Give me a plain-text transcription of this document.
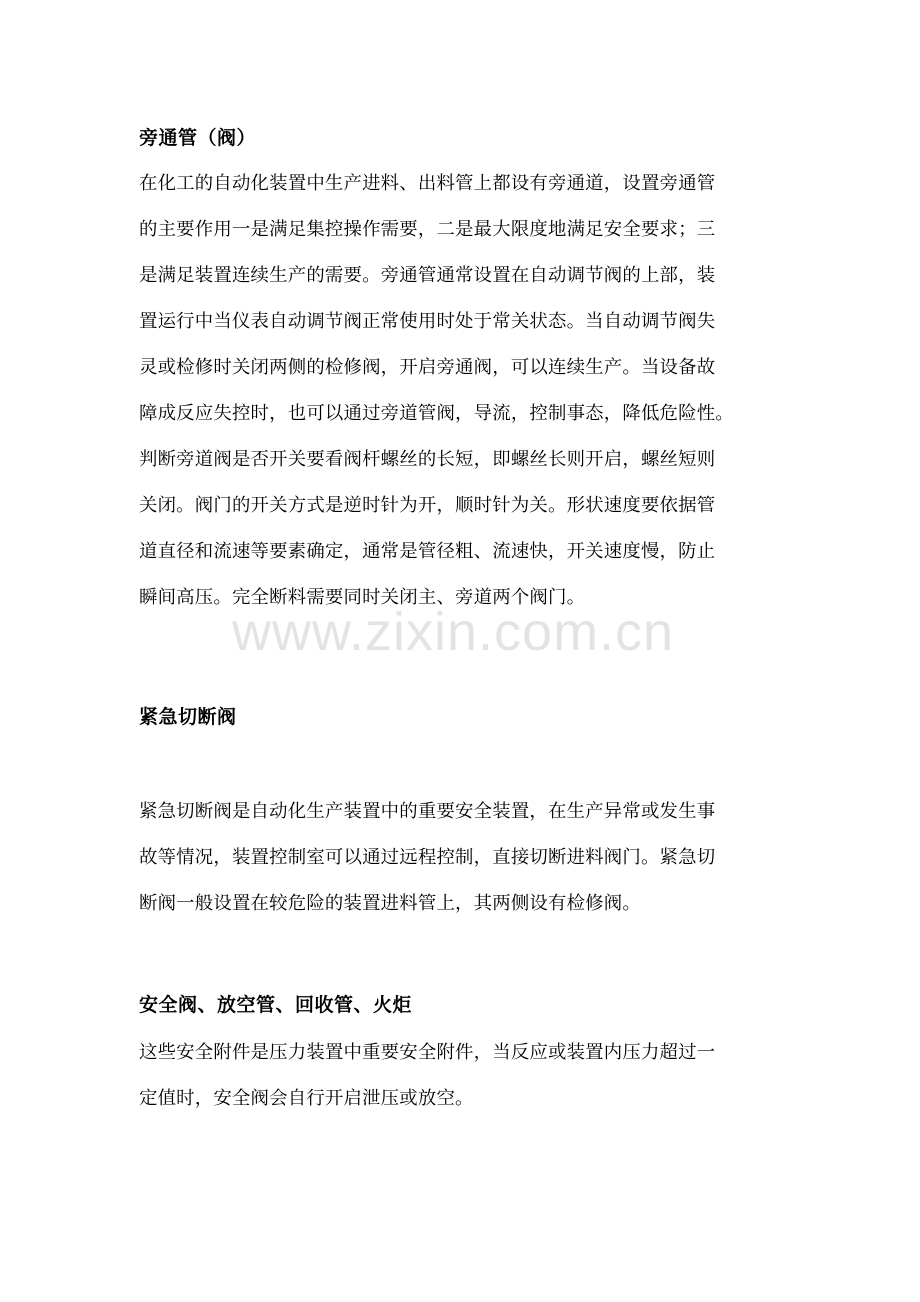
旁通管（阀）
在化工的自动化装置中生产进料、出料管上都设有旁通道，设置旁通管
的主要作用一是满足集控操作需要，二是最大限度地满足安全要求；三
是满足装置连续生产的需要。旁通管通常设置在自动调节阀的上部，装
置运行中当仪表自动调节阀正常使用时处于常关状态。当自动调节阀失
灵或检修时关闭两侧的检修阀，开启旁通阀，可以连续生产。当设备故
障成反应失控时，也可以通过旁道管阀，导流，控制事态，降低危险性。
判断旁道阀是否开关要看阀杆螺丝的长短，即螺丝长则开启，螺丝短则
关闭。阀门的开关方式是逆时针为开，顺时针为关。形状速度要依据管
道直径和流速等要素确定，通常是管径粗、流速快，开关速度慢，防止
瞬间高压。完全断料需要同时关闭主、旁道两个阀门。
紧急切断阀
紧急切断阀是自动化生产装置中的重要安全装置，在生产异常或发生事
故等情况，装置控制室可以通过远程控制，直接切断进料阀门。紧急切
断阀一般设置在较危险的装置进料管上，其两侧设有检修阀。
安全阀、放空管、回收管、火炬
这些安全附件是压力装置中重要安全附件，当反应或装置内压力超过一
定值时，安全阀会自行开启泄压或放空。
www.zixin.com.cn
